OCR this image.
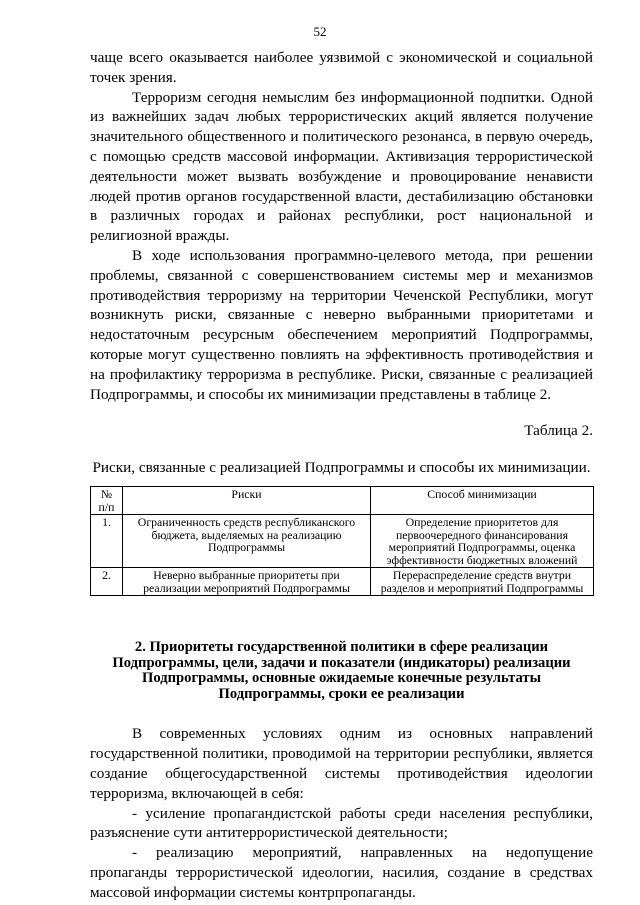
52

чаще всего оказывается наиболее уязвимой с экономической и социальной точек зрения.

Терроризм сегодня немыслим без информационной подпитки. Одной из важнейших задач любых террористических акций является получение значительного общественного и политического резонанса, в первую очередь, с помощью средств массовой информации. Активизация террористической деятельности может вызвать возбуждение и провоцирование ненависти людей против органов государственной власти, дестабилизацию обстановки в различных городах и районах республики, рост национальной и религиозной вражды.

В ходе использования программно-целевого метода, при решении проблемы, связанной с совершенствованием системы мер и механизмов противодействия терроризму на территории Чеченской Республики, могут возникнуть риски, связанные с неверно выбранными приоритетами и недостаточным ресурсным обеспечением мероприятий Подпрограммы, которые могут существенно повлиять на эффективность противодействия и на профилактику терроризма в республике. Риски, связанные с реализацией Подпрограммы, и способы их минимизации представлены в таблице 2.

Таблица 2.
Риски, связанные с реализацией Подпрограммы и способы их минимизации.
№ п/п	Риски	Способ минимизации
1.	Ограниченность средств республиканского бюджета, выделяемых на реализацию Подпрограммы	Определение приоритетов для первоочередного финансирования мероприятий Подпрограммы, оценка эффективности бюджетных вложений
2.	Неверно выбранные приоритеты при реализации мероприятий Подпрограммы	Перераспределение средств внутри разделов и мероприятий Подпрограммы
2. Приоритеты государственной политики в сфере реализации Подпрограммы, цели, задачи и показатели (индикаторы) реализации Подпрограммы, основные ожидаемые конечные результаты Подпрограммы, сроки ее реализации

В современных условиях одним из основных направлений государственной политики, проводимой на территории республики, является создание общегосударственной системы противодействия идеологии терроризма, включающей в себя:

- усиление пропагандистской работы среди населения республики, разъяснение сути антитеррористической деятельности;

- реализацию мероприятий, направленных на недопущение пропаганды террористической идеологии, насилия, создание в средствах массовой информации системы контрпропаганды.
